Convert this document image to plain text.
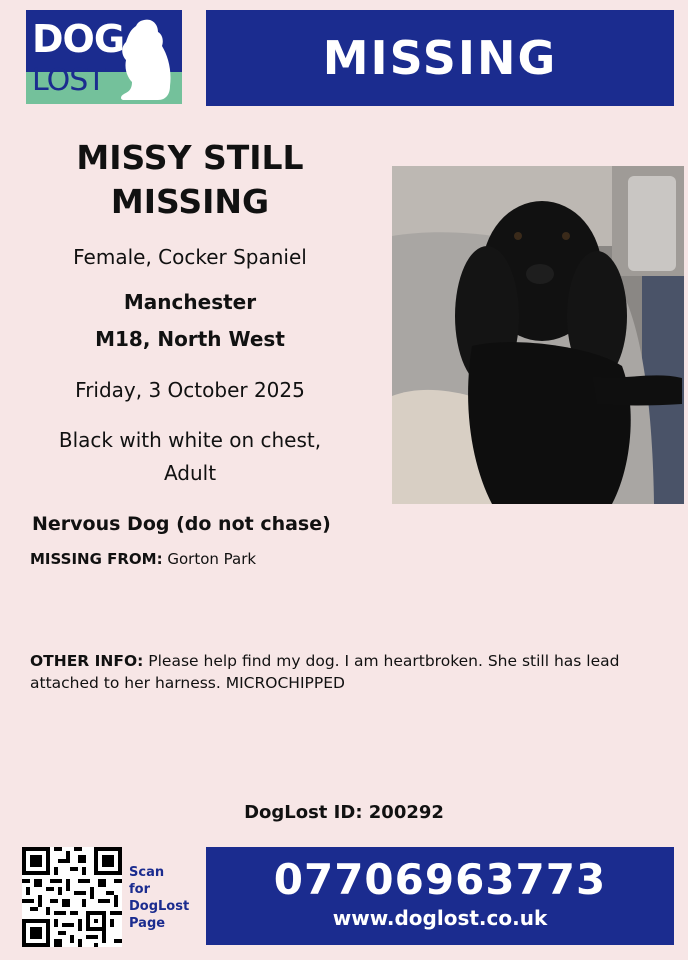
DOG
LOST	MISSING
MISSY STILL
MISSING
Female, Cocker Spaniel
Manchester
M18, North West
Friday, 3 October 2025
Black with white on chest,
Adult
Nervous Dog (do not chase)
MISSING FROM: Gorton Park
OTHER INFO: Please help find my dog. I am heartbroken. She still has lead attached to her harness. MICROCHIPPED
DogLost ID: 200292
Scan
for
DogLost
Page
07706963773
www.doglost.co.uk
